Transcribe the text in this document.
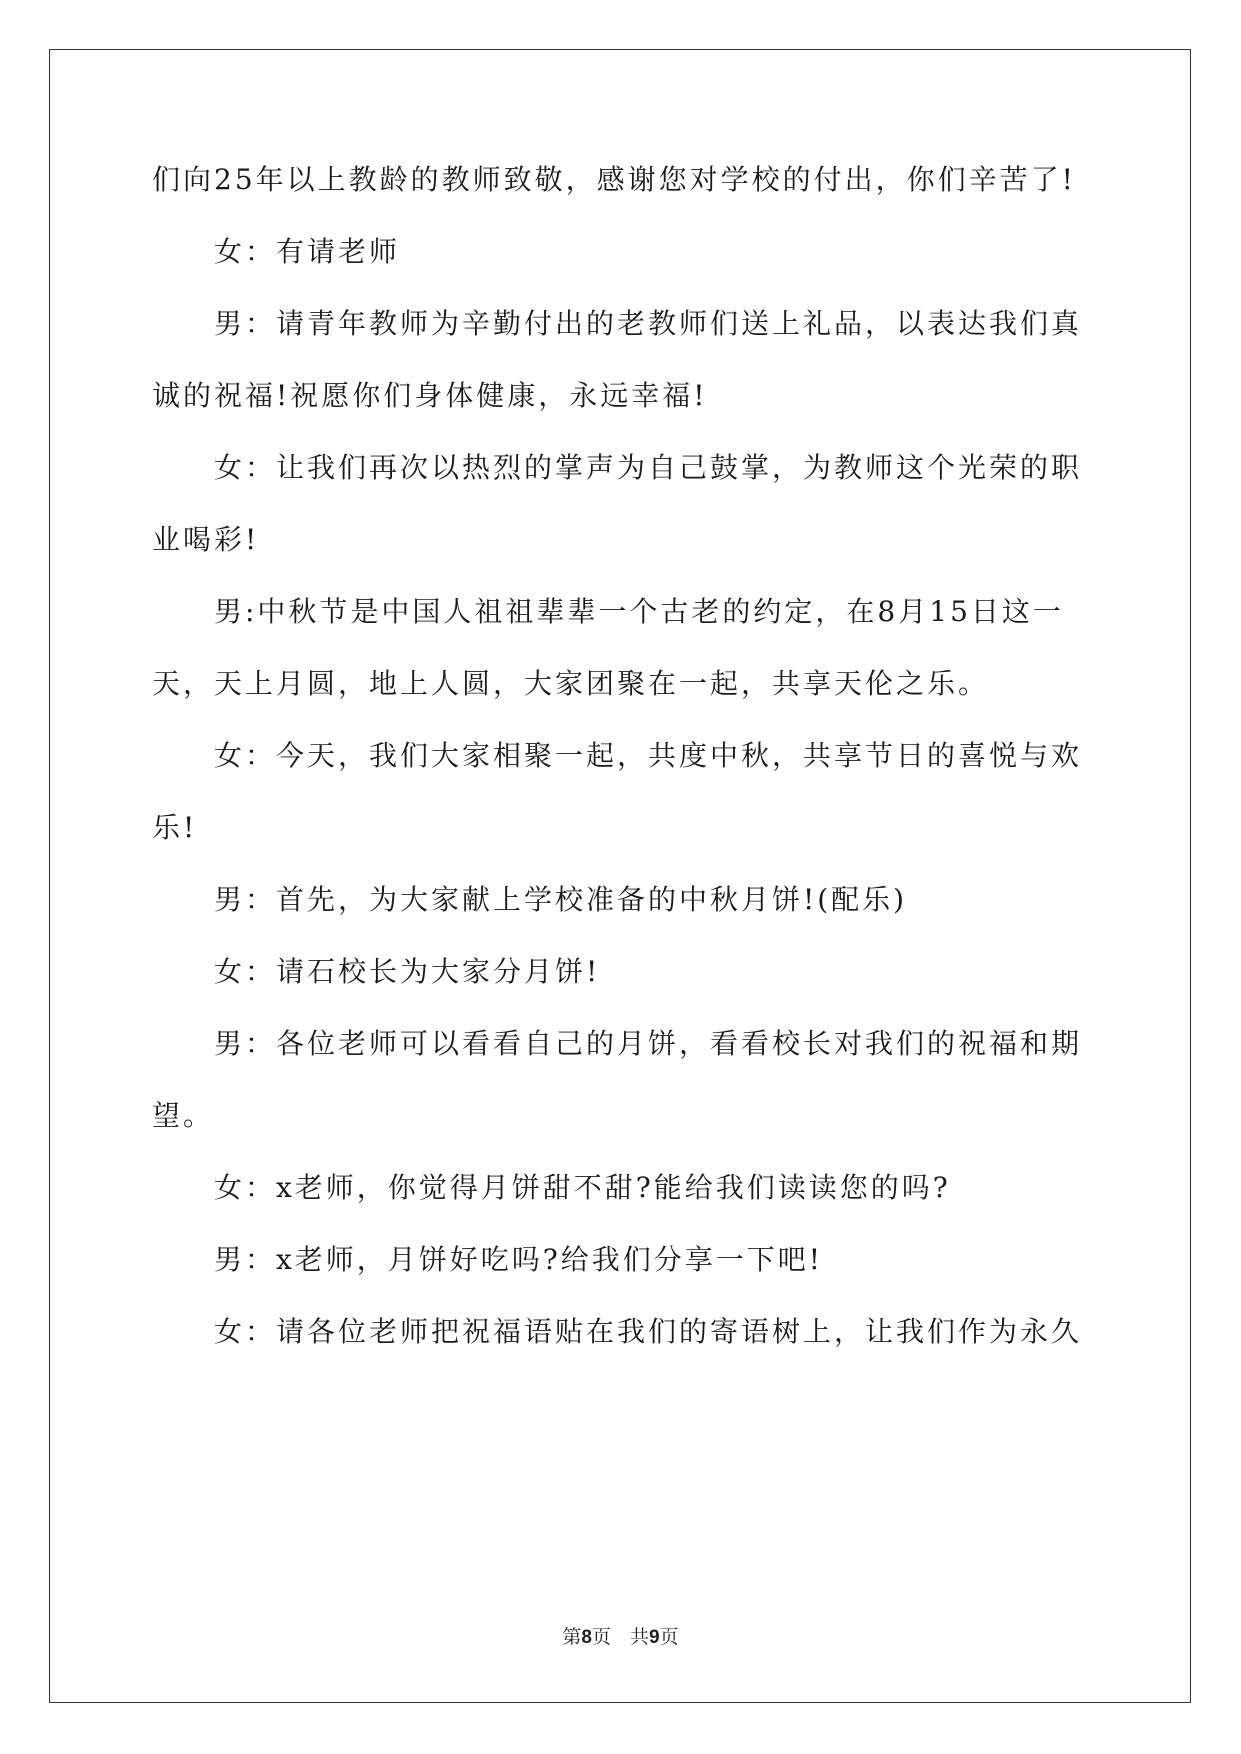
们向25年以上教龄的教师致敬，感谢您对学校的付出，你们辛苦了!
　　女：有请老师
　　男：请青年教师为辛勤付出的老教师们送上礼品，以表达我们真
诚的祝福!祝愿你们身体健康，永远幸福!
　　女：让我们再次以热烈的掌声为自己鼓掌，为教师这个光荣的职
业喝彩!
　　男:中秋节是中国人祖祖辈辈一个古老的约定，在8月15日这一
天，天上月圆，地上人圆，大家团聚在一起，共享天伦之乐。
　　女：今天，我们大家相聚一起，共度中秋，共享节日的喜悦与欢
乐!
　　男：首先，为大家献上学校准备的中秋月饼!(配乐)
　　女：请石校长为大家分月饼!
　　男：各位老师可以看看自己的月饼，看看校长对我们的祝福和期
望。
　　女：x老师，你觉得月饼甜不甜?能给我们读读您的吗?
　　男：x老师，月饼好吃吗?给我们分享一下吧!
　　女：请各位老师把祝福语贴在我们的寄语树上，让我们作为永久
第8页　共9页
